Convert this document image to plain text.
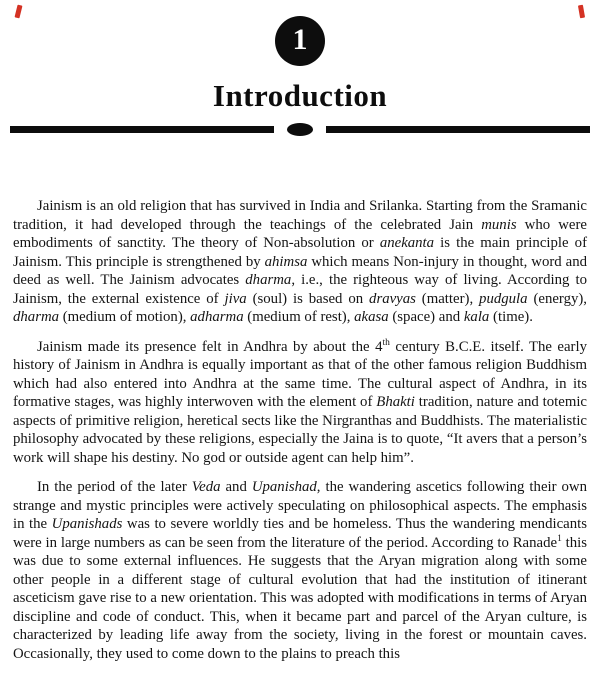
1
Introduction

Jainism is an old religion that has survived in India and Srilanka. Starting from the Sramanic tradition, it had developed through the teachings of the celebrated Jain munis who were embodiments of sanctity. The theory of Non-absolution or anekanta is the main principle of Jainism. This principle is strengthened by ahimsa which means Non-injury in thought, word and deed as well. The Jainism advocates dharma, i.e., the righteous way of living. According to Jainism, the external existence of jiva (soul) is based on dravyas (matter), pudgula (energy), dharma (medium of motion), adharma (medium of rest), akasa (space) and kala (time).

Jainism made its presence felt in Andhra by about the 4th century B.C.E. itself. The early history of Jainism in Andhra is equally important as that of the other famous religion Buddhism which had also entered into Andhra at the same time. The cultural aspect of Andhra, in its formative stages, was highly interwoven with the element of Bhakti tradition, nature and totemic aspects of primitive religion, heretical sects like the Nirgranthas and Buddhists. The materialistic philosophy advocated by these religions, especially the Jaina is to quote, “It avers that a person’s work will shape his destiny. No god or outside agent can help him”.

In the period of the later Veda and Upanishad, the wandering ascetics following their own strange and mystic principles were actively speculating on philosophical aspects. The emphasis in the Upanishads was to severe worldly ties and be homeless. Thus the wandering mendicants were in large numbers as can be seen from the literature of the period. According to Ranade$^1$ this was due to some external influences. He suggests that the Aryan migration along with some other people in a different stage of cultural evolution that had the institution of itinerant asceticism gave rise to a new orientation. This was adopted with modifications in terms of Aryan discipline and code of conduct. This, when it became part and parcel of the Aryan culture, is characterized by leading life away from the society, living in the forest or mountain caves. Occasionally, they used to come down to the plains to preach this
